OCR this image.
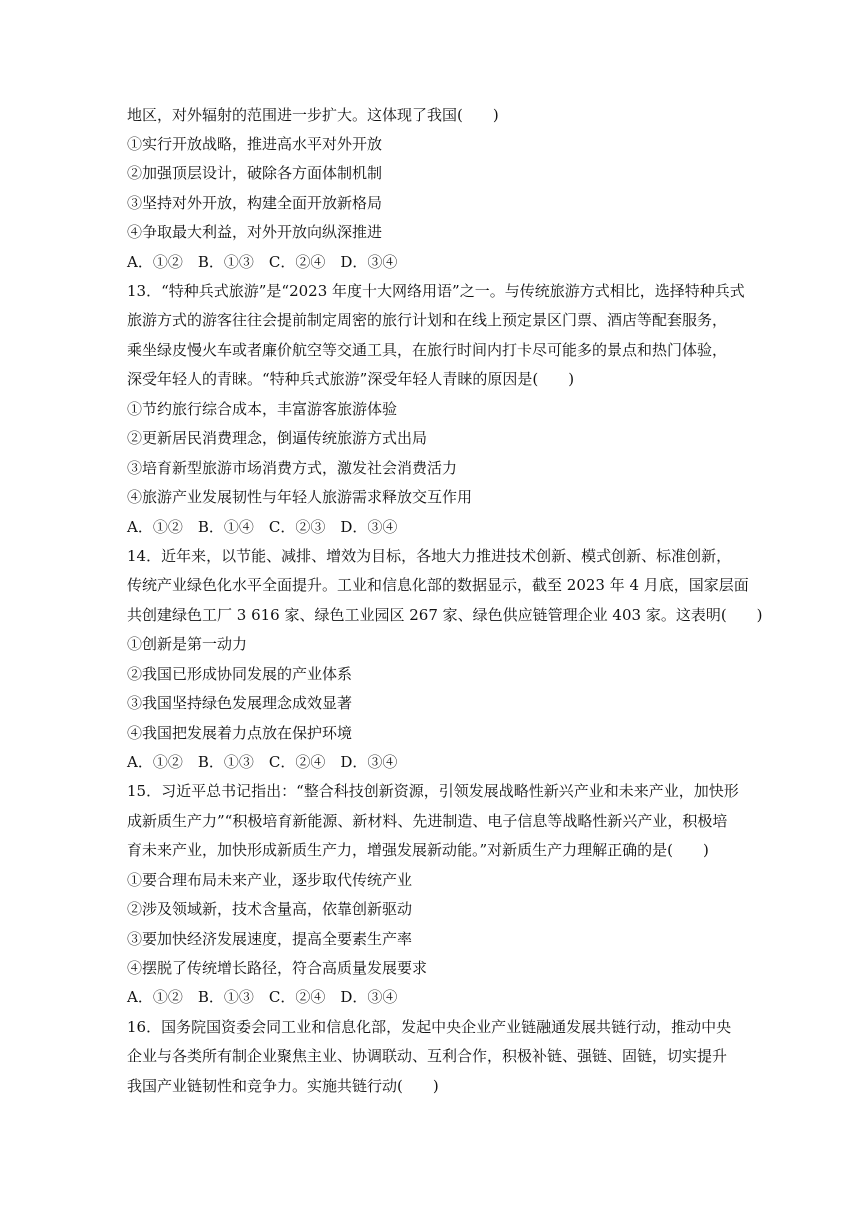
地区，对外辐射的范围进一步扩大。这体现了我国(　　)
①实行开放战略，推进高水平对外开放
②加强顶层设计，破除各方面体制机制
③坚持对外开放，构建全面开放新格局
④争取最大利益，对外开放向纵深推进
A．①②　B．①③　C．②④　D．③④
13．“特种兵式旅游”是“2023 年度十大网络用语”之一。与传统旅游方式相比，选择特种兵式
旅游方式的游客往往会提前制定周密的旅行计划和在线上预定景区门票、酒店等配套服务，
乘坐绿皮慢火车或者廉价航空等交通工具，在旅行时间内打卡尽可能多的景点和热门体验，
深受年轻人的青睐。“特种兵式旅游”深受年轻人青睐的原因是(　　)
①节约旅行综合成本，丰富游客旅游体验
②更新居民消费理念，倒逼传统旅游方式出局
③培育新型旅游市场消费方式，激发社会消费活力
④旅游产业发展韧性与年轻人旅游需求释放交互作用
A．①②　B．①④　C．②③　D．③④
14．近年来，以节能、减排、增效为目标，各地大力推进技术创新、模式创新、标准创新，
传统产业绿色化水平全面提升。工业和信息化部的数据显示，截至 2023 年 4 月底，国家层面
共创建绿色工厂 3 616 家、绿色工业园区 267 家、绿色供应链管理企业 403 家。这表明(　　)
①创新是第一动力
②我国已形成协同发展的产业体系
③我国坚持绿色发展理念成效显著
④我国把发展着力点放在保护环境
A．①②　B．①③　C．②④　D．③④
15．习近平总书记指出：“整合科技创新资源，引领发展战略性新兴产业和未来产业，加快形
成新质生产力”“积极培育新能源、新材料、先进制造、电子信息等战略性新兴产业，积极培
育未来产业，加快形成新质生产力，增强发展新动能。”对新质生产力理解正确的是(　　)
①要合理布局未来产业，逐步取代传统产业
②涉及领域新，技术含量高，依靠创新驱动
③要加快经济发展速度，提高全要素生产率
④摆脱了传统增长路径，符合高质量发展要求
A．①②　B．①③　C．②④　D．③④
16．国务院国资委会同工业和信息化部，发起中央企业产业链融通发展共链行动，推动中央
企业与各类所有制企业聚焦主业、协调联动、互利合作，积极补链、强链、固链，切实提升
我国产业链韧性和竞争力。实施共链行动(　　)
